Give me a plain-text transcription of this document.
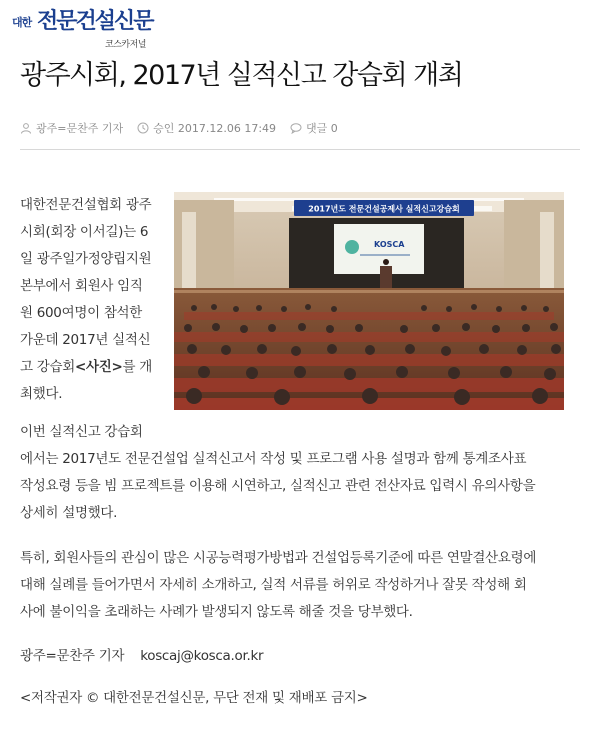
대한 전문건설신문
코스카저널
광주시회, 2017년 실적신고 강습회 개최
광주=문찬주 기자	승인 2017.12.06 17:49	댓글 0
대한전문건설협회 광주
시회(회장 이서길)는 6
일 광주일가정양립지원
본부에서 회원사 임직
원 600여명이 참석한
가운데 2017년 실적신
고 강습회<사진>를 개
최했다.
2017년도 전문건설공제사 실적신고강습회
KOSCA
이번 실적신고 강습회
에서는 2017년도 전문건설업 실적신고서 작성 및 프로그램 사용 설명과 함께 통계조사표
작성요령 등을 빔 프로젝트를 이용해 시연하고, 실적신고 관련 전산자료 입력시 유의사항을
상세히 설명했다.
특히, 회원사들의 관심이 많은 시공능력평가방법과 건설업등록기준에 따른 연말결산요령에
대해 실례를 들어가면서 자세히 소개하고, 실적 서류를 허위로 작성하거나 잘못 작성해 회
사에 불이익을 초래하는 사례가 발생되지 않도록 해줄 것을 당부했다.
광주=문찬주 기자 koscaj@kosca.or.kr
<저작권자 © 대한전문건설신문, 무단 전재 및 재배포 금지>
